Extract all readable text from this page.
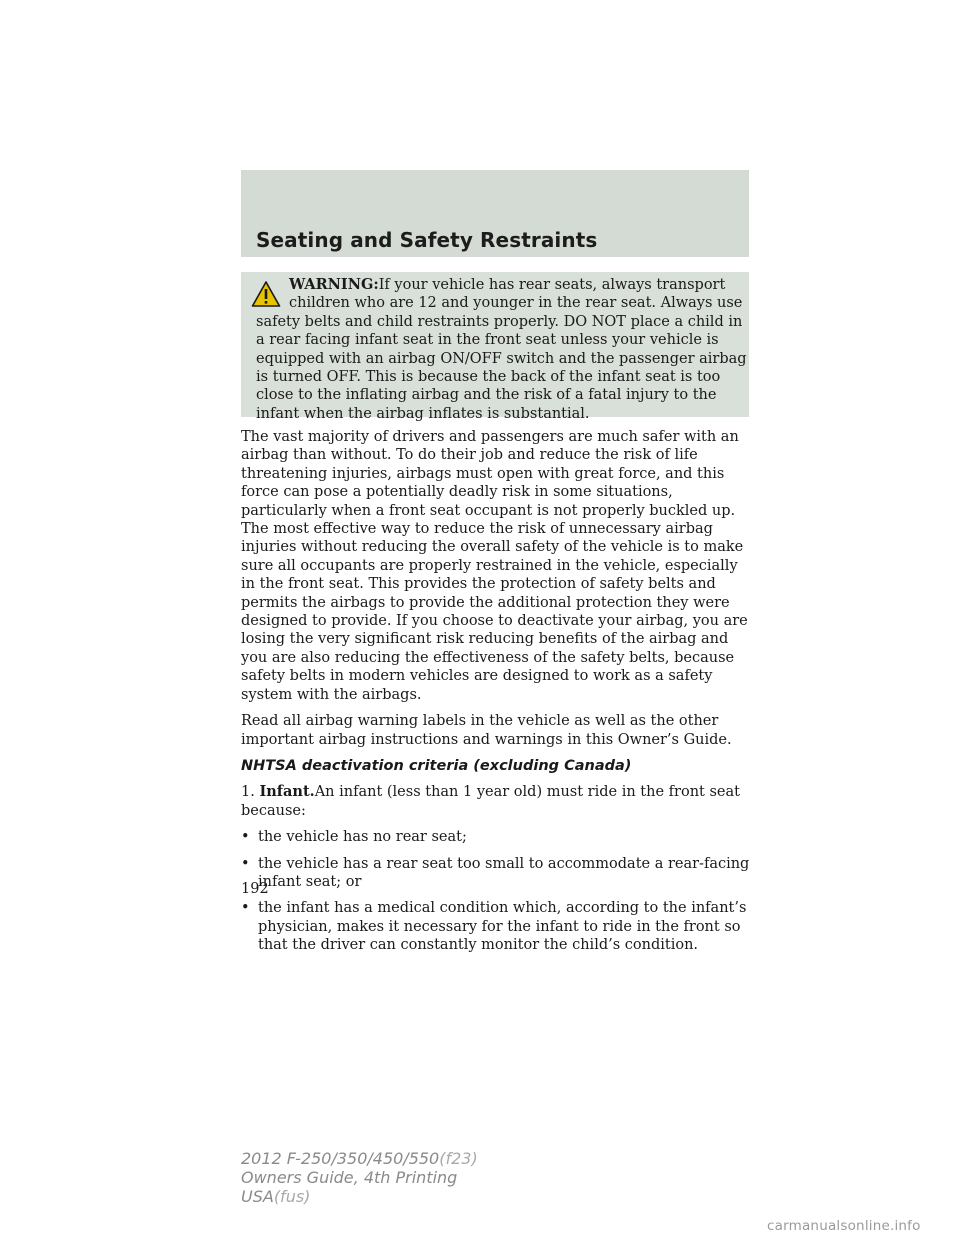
Seating and Safety Restraints

WARNING:If your vehicle has rear seats, always transport
children who are 12 and younger in the rear seat. Always use
safety belts and child restraints properly. DO NOT place a child in a rear facing infant seat in the front seat unless your vehicle is equipped with an airbag ON/OFF switch and the passenger airbag is turned OFF. This is because the back of the infant seat is too close to the inflating airbag and the risk of a fatal injury to the infant when the airbag inflates is substantial.

The vast majority of drivers and passengers are much safer with an airbag than without. To do their job and reduce the risk of life threatening injuries, airbags must open with great force, and this force can pose a potentially deadly risk in some situations, particularly when a front seat occupant is not properly buckled up. The most effective way to reduce the risk of unnecessary airbag injuries without reducing the overall safety of the vehicle is to make sure all occupants are properly restrained in the vehicle, especially in the front seat. This provides the protection of safety belts and permits the airbags to provide the additional protection they were designed to provide. If you choose to deactivate your airbag, you are losing the very significant risk reducing benefits of the airbag and you are also reducing the effectiveness of the safety belts, because safety belts in modern vehicles are designed to work as a safety system with the airbags.

Read all airbag warning labels in the vehicle as well as the other important airbag instructions and warnings in this Owner’s Guide.

NHTSA deactivation criteria (excluding Canada)

1. Infant.An infant (less than 1 year old) must ride in the front seat because:

• the vehicle has no rear seat;
• the vehicle has a rear seat too small to accommodate a rear-facing infant seat; or
• the infant has a medical condition which, according to the infant’s physician, makes it necessary for the infant to ride in the front so that the driver can constantly monitor the child’s condition.
192
2012 F-250/350/450/550(f23)
Owners Guide, 4th Printing
USA(fus)
carmanualsonline.info
